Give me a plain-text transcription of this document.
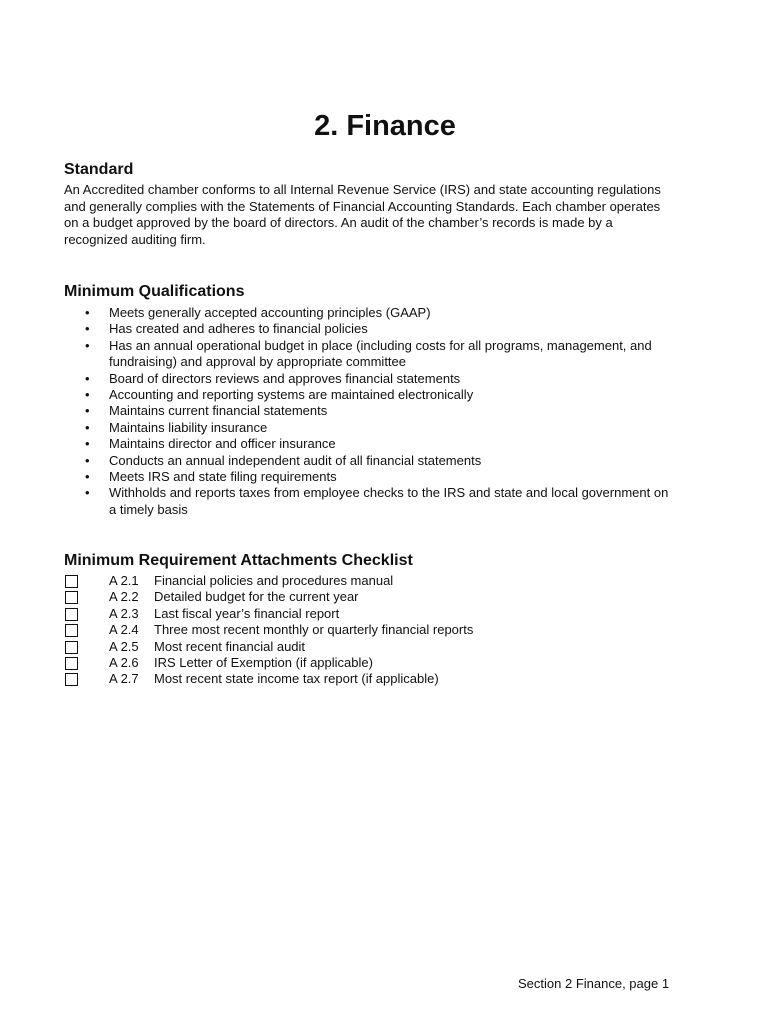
2. Finance
Standard
An Accredited chamber conforms to all Internal Revenue Service (IRS) and state accounting regulations
and generally complies with the Statements of Financial Accounting Standards. Each chamber operates
on a budget approved by the board of directors. An audit of the chamber’s records is made by a
recognized auditing firm.
Minimum Qualifications
•	Meets generally accepted accounting principles (GAAP)
•	Has created and adheres to financial policies
•	Has an annual operational budget in place (including costs for all programs, management, and
fundraising) and approval by appropriate committee
•	Board of directors reviews and approves financial statements
•	Accounting and reporting systems are maintained electronically
•	Maintains current financial statements
•	Maintains liability insurance
•	Maintains director and officer insurance
•	Conducts an annual independent audit of all financial statements
•	Meets IRS and state filing requirements
•	Withholds and reports taxes from employee checks to the IRS and state and local government on
a timely basis
Minimum Requirement Attachments Checklist
A 2.1 Financial policies and procedures manual
A 2.2 Detailed budget for the current year
A 2.3 Last fiscal year’s financial report
A 2.4 Three most recent monthly or quarterly financial reports
A 2.5 Most recent financial audit
A 2.6 IRS Letter of Exemption (if applicable)
A 2.7 Most recent state income tax report (if applicable)
Section 2 Finance, page 1
